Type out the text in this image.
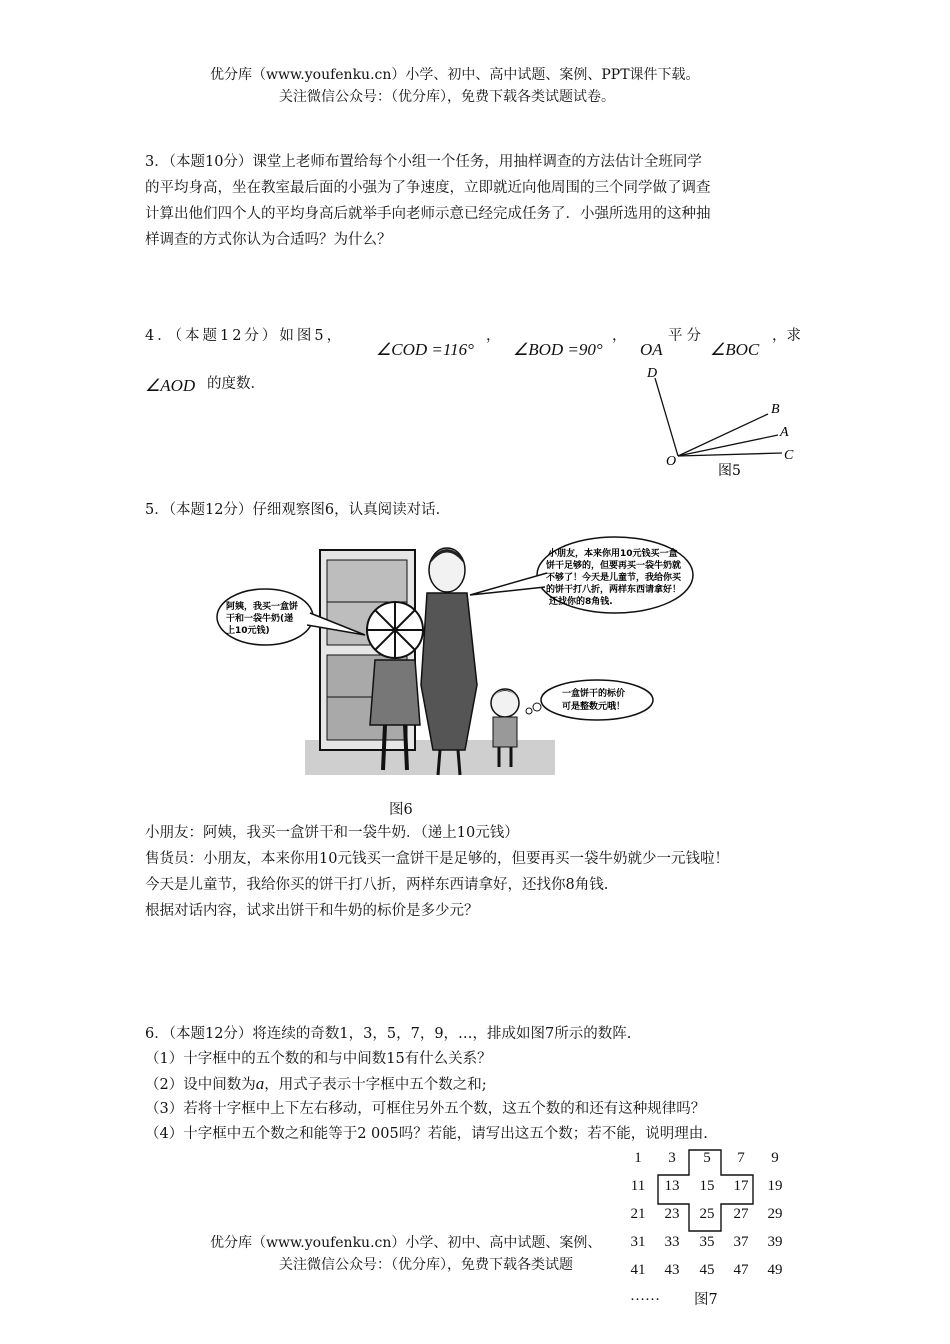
优分库（www.youfenku.cn）小学、初中、高中试题、案例、PPT课件下载。
关注微信公众号：（优分库），免费下载各类试题试卷。
3．（本题10分）课堂上老师布置给每个小组一个任务，用抽样调查的方法估计全班同学
的平均身高，坐在教室最后面的小强为了争速度，立即就近向他周围的三个同学做了调查
计算出他们四个人的平均身高后就举手向老师示意已经完成任务了．小强所选用的这种抽
样调查的方式你认为合适吗？为什么？
4．（本题12分）如图5，
∠COD =116°
，
∠BOD =90°
，
OA
平分
∠BOC
，求
∠AOD 的度数．
D
B
A
O	C
图5
5．（本题12分）仔细观察图6，认真阅读对话．
阿姨，我买一盒饼
干和一袋牛奶(递
上10元钱)
小朋友，本来你用10元钱买一盒
饼干足够的，但要再买一袋牛奶就
不够了！今天是儿童节，我给你买
的饼干打八折，两样东西请拿好！
还找你的8角钱.
一盒饼干的标价
可是整数元哦！
图6
小朋友：阿姨，我买一盒饼干和一袋牛奶．（递上10元钱）
售货员：小朋友，本来你用10元钱买一盒饼干是足够的，但要再买一袋牛奶就少一元钱啦！
今天是儿童节，我给你买的饼干打八折，两样东西请拿好，还找你8角钱.
根据对话内容，试求出饼干和牛奶的标价是多少元？
6．（本题12分）将连续的奇数1，3，5，7，9，…，排成如图7所示的数阵.
（1）十字框中的五个数的和与中间数15有什么关系？
（2）设中间数为a，用式子表示十字框中五个数之和;
（3）若将十字框中上下左右移动，可框住另外五个数，这五个数的和还有这种规律吗？
（4）十字框中五个数之和能等于2 005吗？若能，请写出这五个数；若不能，说明理由.
1	3	5	7	9
11	13	15	17	19
21	23	25	27	29
31	33	35	37	39
41	43	45	47	49
…… 图7
优分库（www.youfenku.cn）小学、初中、高中试题、案例、
关注微信公众号：（优分库），免费下载各类试题
